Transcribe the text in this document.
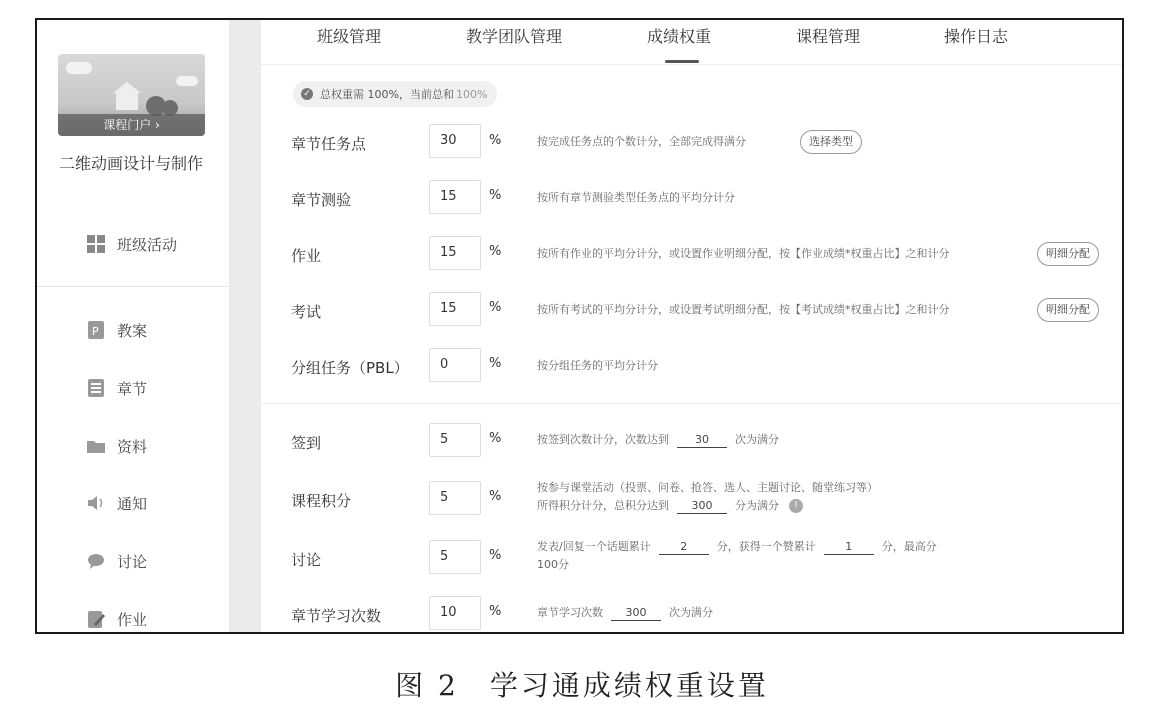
课程门户 ›
二维动画设计与制作
班级活动
P 教案
章节
资料
通知
讨论
作业
班级管理	教学团队管理	成绩权重	课程管理	操作日志
✓ 总权重需 100%，当前总和 100%
章节任务点	30	%	按完成任务点的个数计分，全部完成得满分	选择类型
章节测验	15	%	按所有章节测验类型任务点的平均分计分
作业	15	%	按所有作业的平均分计分，或设置作业明细分配，按【作业成绩*权重占比】之和计分	明细分配
考试	15	%	按所有考试的平均分计分，或设置考试明细分配，按【考试成绩*权重占比】之和计分	明细分配
分组任务（PBL）	0	%	按分组任务的平均分计分
签到	5	%	按签到次数计分，次数达到 30 次为满分
课程积分	5	%
按参与课堂活动（投票、问卷、抢答、选人、主题讨论、随堂练习等）
所得积分计分，总积分达到 300 分为满分 !
讨论	5	%
发表/回复一个话题累计	2	分，获得一个赞累计	1	分，最高分
100分
章节学习次数	10	%	章节学习次数 300 次为满分
图 2　学习通成绩权重设置
